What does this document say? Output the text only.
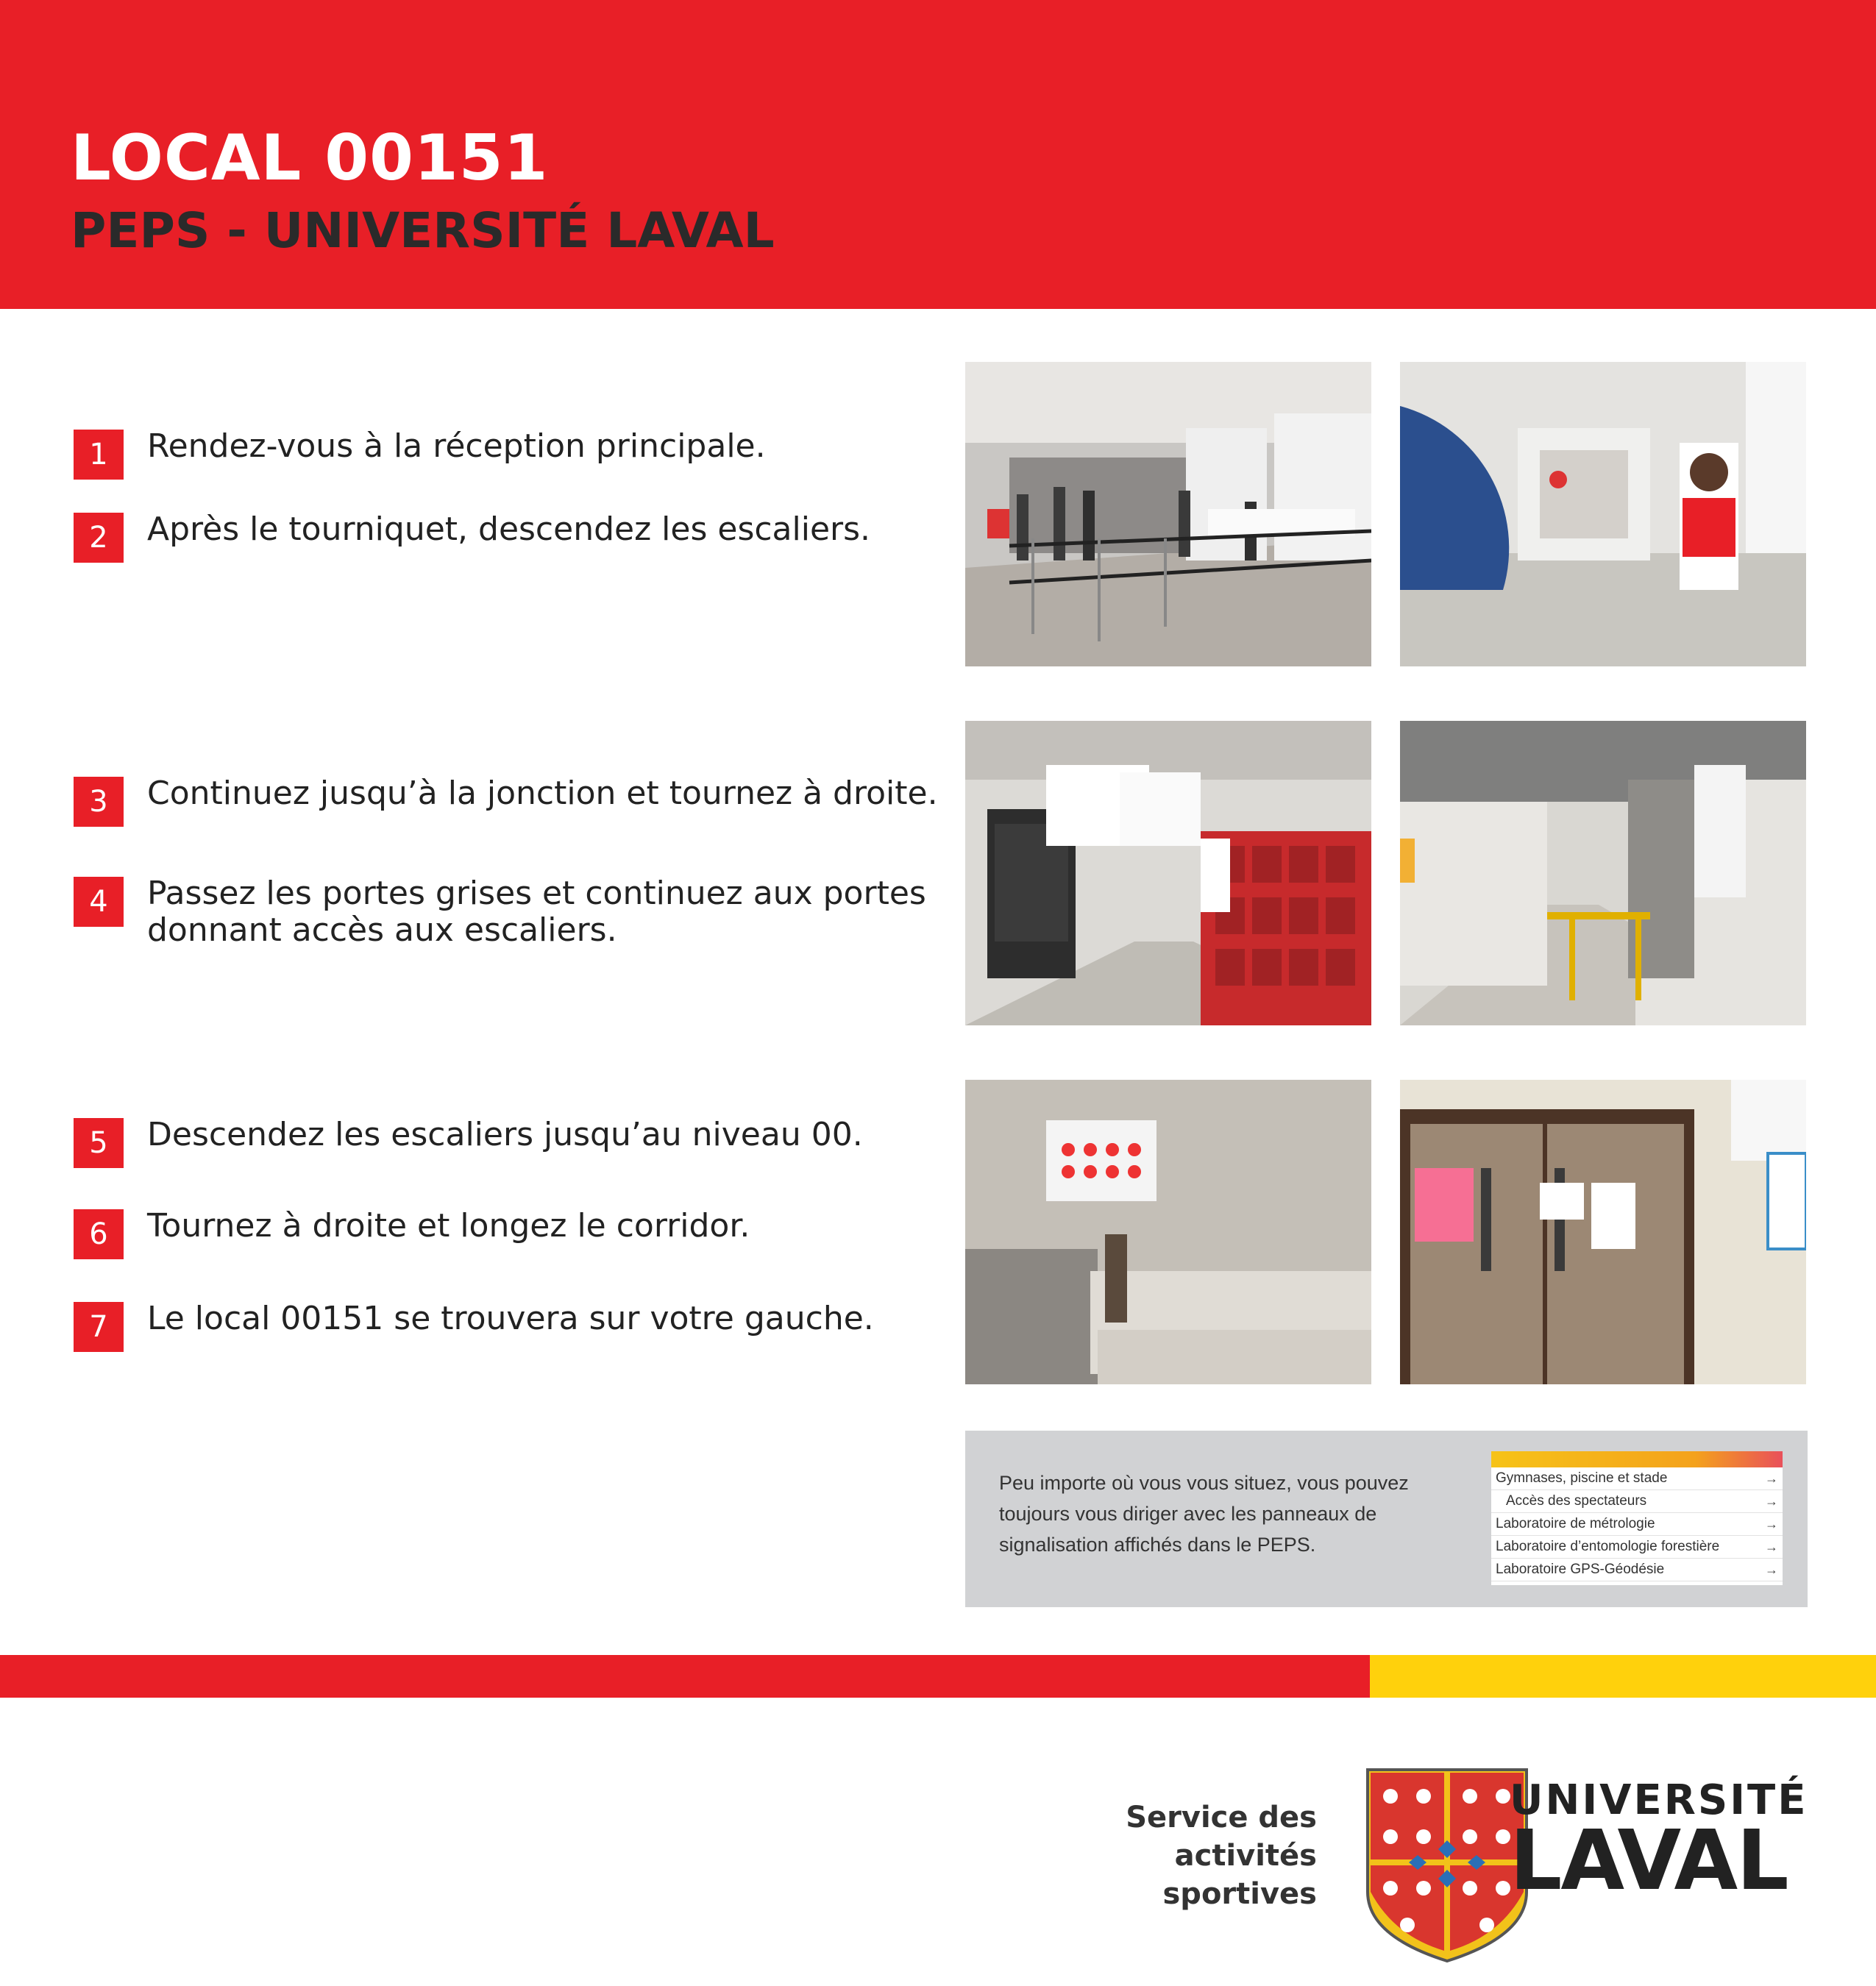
LOCAL 00151
PEPS - UNIVERSITÉ LAVAL
1	Rendez-vous à la réception principale.
2	Après le tourniquet, descendez les escaliers.
3	Continuez jusqu’à la jonction et tournez à droite.
4	Passez les portes grises et continuez aux portes donnant accès aux escaliers.
5	Descendez les escaliers jusqu’au niveau 00.
6	Tournez à droite et longez le corridor.
7	Le local 00151 se trouvera sur votre gauche.
Peu importe où vous vous situez, vous pouvez toujours vous diriger avec les panneaux de signalisation affichés dans le PEPS.
Gymnases, piscine et stade	→
Accès des spectateurs	→
Laboratoire de métrologie	→
Laboratoire d’entomologie forestière	→
Laboratoire GPS-Géodésie	→
Service des
activités sportives
UNIVERSITÉ
LAVAL
